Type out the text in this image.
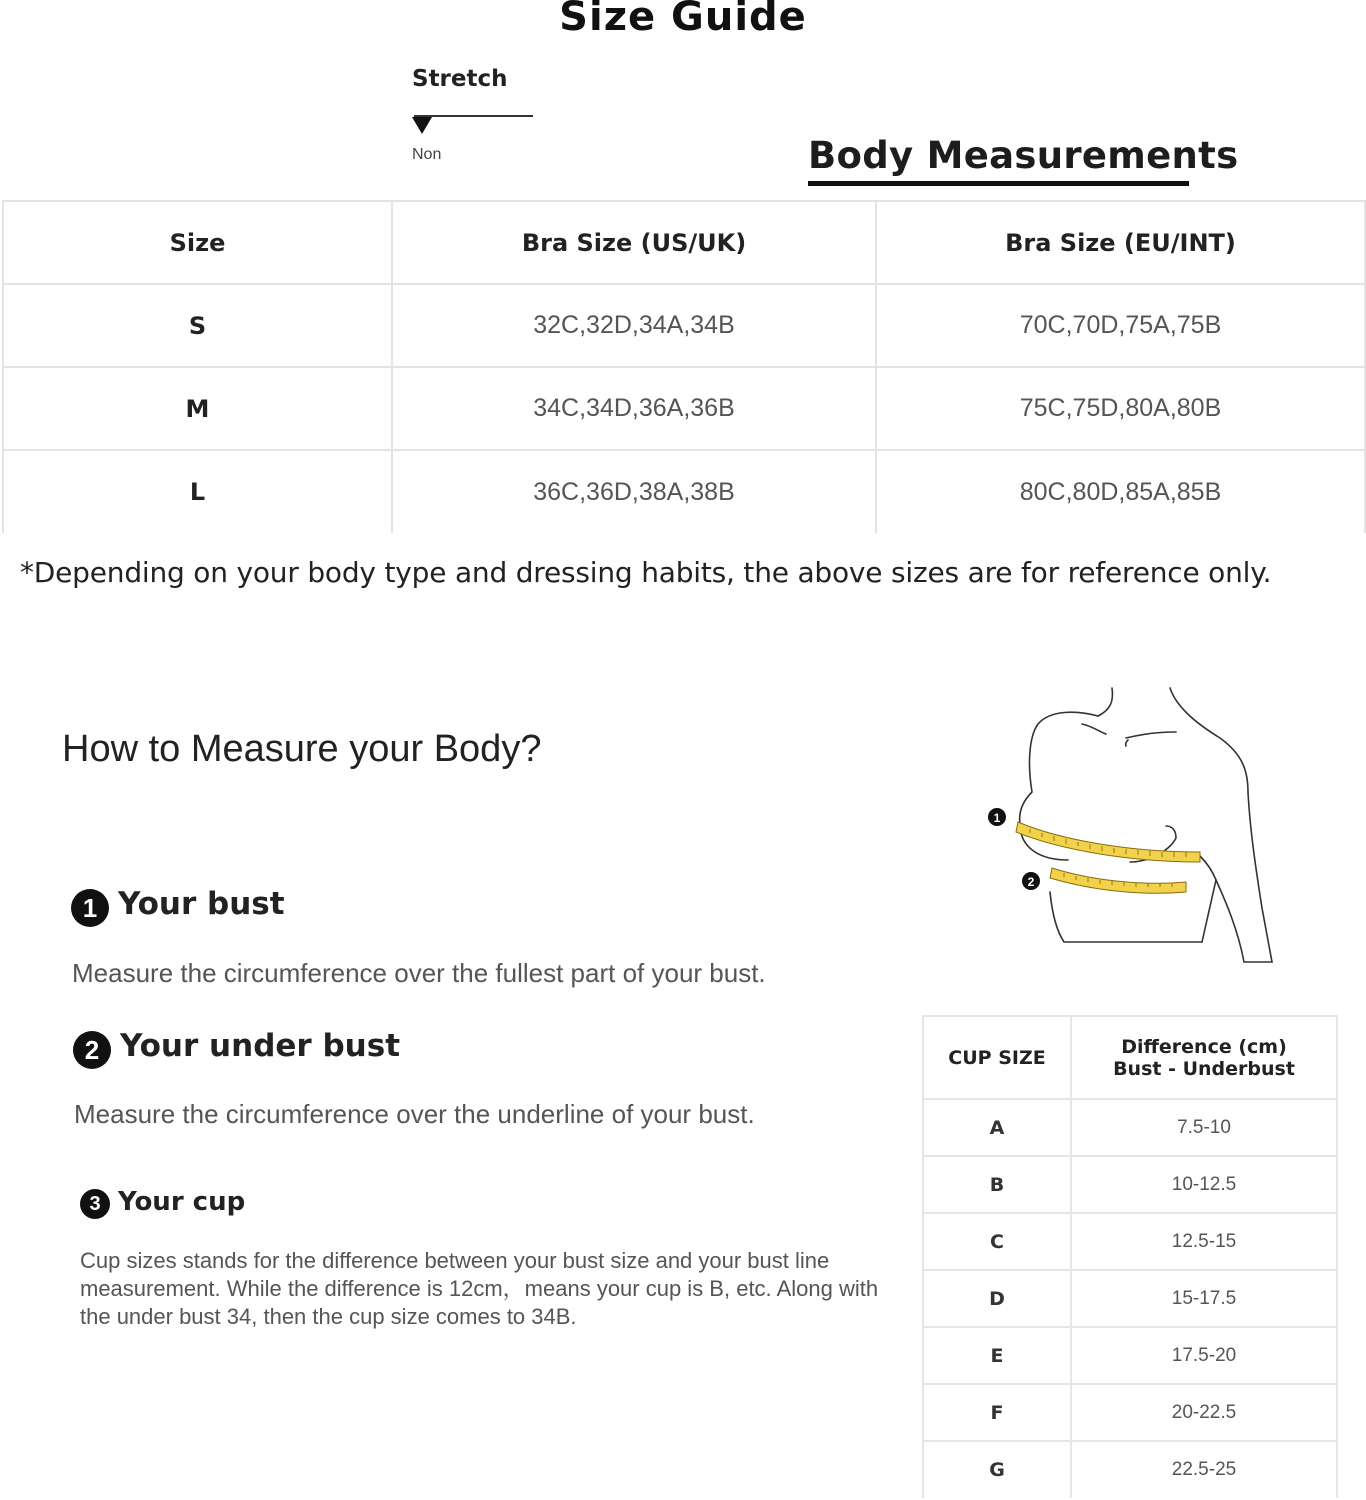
Size Guide
Stretch
Non	Body Measurements
Size	Bra Size (US/UK)	Bra Size (EU/INT)
S	32C,32D,34A,34B	70C,70D,75A,75B
M	34C,34D,36A,36B	75C,75D,80A,80B
L	36C,36D,38A,38B	80C,80D,85A,85B
*Depending on your body type and dressing habits, the above sizes are for reference only.
How to Measure your Body?
1 Your bust
Measure the circumference over the fullest part of your bust.
2 Your under bust
Measure the circumference over the underline of your bust.
3 Your cup
Cup sizes stands for the difference between your bust size and your bust line measurement. While the difference is 12cm，means your cup is B, etc. Along with the under bust 34, then the cup size comes to 34B.
1
2
CUP SIZE	Difference (cm)
Bust - Underbust

A	7.5-10
B	10-12.5
C	12.5-15
D	15-17.5
E	17.5-20
F	20-22.5
G	22.5-25
